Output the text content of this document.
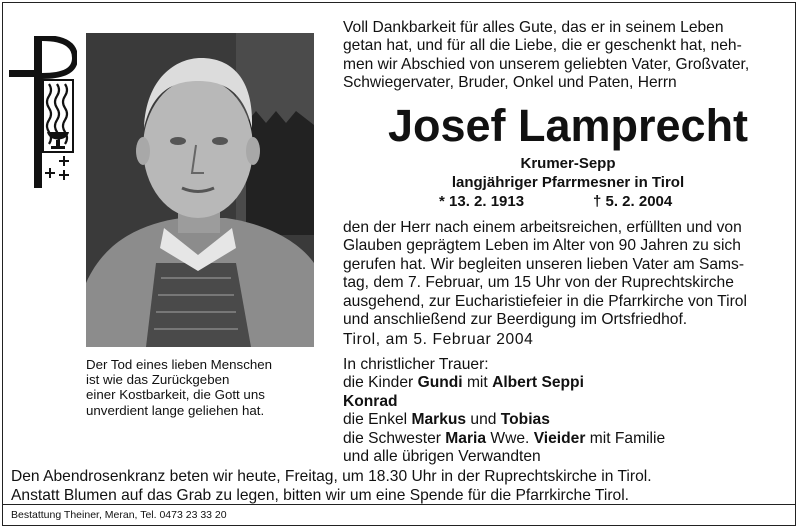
Der Tod eines lieben Menschen
ist wie das Zurückgeben
einer Kostbarkeit, die Gott uns
unverdient lange geliehen hat.
Voll Dankbarkeit für alles Gute, das er in seinem Leben
getan hat, und für all die Liebe, die er geschenkt hat, neh-
men wir Abschied von unserem geliebten Vater, Großvater,
Schwiegervater, Bruder, Onkel und Paten, Herrn
Josef Lamprecht
Krumer-Sepp
langjähriger Pfarrmesner in Tirol
* 13. 2. 1913	† 5. 2. 2004
den der Herr nach einem arbeitsreichen, erfüllten und von
Glauben geprägtem Leben im Alter von 90 Jahren zu sich
gerufen hat. Wir begleiten unseren lieben Vater am Sams-
tag, dem 7. Februar, um 15 Uhr von der Ruprechtskirche
ausgehend, zur Eucharistiefeier in die Pfarrkirche von Tirol
und anschließend zur Beerdigung im Ortsfriedhof.
Tirol, am 5. Februar 2004
In christlicher Trauer:
die Kinder Gundi mit Albert Seppi
Konrad
die Enkel Markus und Tobias
die Schwester Maria Wwe. Vieider mit Familie
und alle übrigen Verwandten
Den Abendrosenkranz beten wir heute, Freitag, um 18.30 Uhr in der Ruprechtskirche in Tirol.
Anstatt Blumen auf das Grab zu legen, bitten wir um eine Spende für die Pfarrkirche Tirol.
Bestattung Theiner, Meran, Tel. 0473 23 33 20
